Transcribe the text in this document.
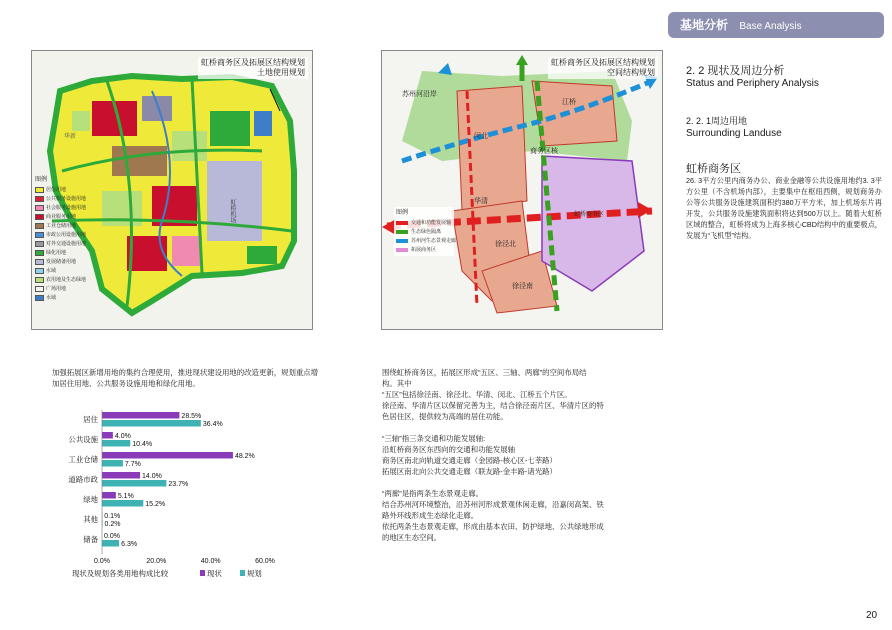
基地分析 Base Analysis
虹桥商务区及拓展区结构规划
土地使用规划
虹桥机场
华新
图例
居住用地
公共服务设施用地
社会服务设施用地
商业服务用地
工业仓储用地
市政公用设施用地
对外交通设施用地
绿化用地
发展储备用地
水域
农用地及生态绿地
广场用地
水域
虹桥商务区及拓展区结构规划
空间结构规划
苏州河沿岸
江桥
商务区核
虹桥商务区
华清
徐泾北
徐泾南
闵北
图例
交通和功能发展轴
生态绿色隔离
苏州河生态景观走廊
拓展商务区
2. 2 现状及周边分析
Status and Periphery Analysis
2. 2. 1周边用地
Surrounding Landuse
虹桥商务区
26. 3平方公里内商务办公、商业金融等公共设施用地约3. 3平方公里（不含机场内部），主要集中在枢纽西侧，规划商务办公等公共服务设施建筑面积约380万平方米，加上机场东片再开发，公共服务设施建筑面积将达到500万以上。随着大虹桥区域的整合，虹桥将成为上海多核心CBD结构中的重要极点，发展为“飞机型”结构。
加强拓展区新增用地的集约合理使用，推进现状建设用地的改造更新，规划重点增加居住用地、公共服务设施用地和绿化用地。

围绕虹桥商务区，拓展区形成“五区、三轴、两廊”的空间布局结

构。其中

“五区”包括徐泾南、徐泾北、华清、闵北、江桥五个片区。

徐泾南、华清片区以保留完善为主，结合徐泾南片区、华清片区的特

色居住区，提供较为高端的居住功能。

“三轴”指三条交通和功能发展轴:

沿虹桥商务区东西向的交通和功能发展轴

商务区南北向轨道交通走廊（金园路-核心区-七莘路）

拓展区南北向公共交通走廊（联友路-金丰路-诸光路）

“两廊”是指两条生态景观走廊。

结合苏州河环境整治，沿苏州河形成景观休闲走廊，沿嘉闵高架、铁

路外环线形成生态绿化走廊。

依托两条生态景观走廊，形成由基本农田、防护绿地、公共绿地形成

的地区生态空间。

居住	28.5%
36.4%
公共设施 4.0%
10.4%
工业仓储	48.2%
7.7%
道路市政	14.0%
23.7%
绿地	5.1%
15.2%
其他 0.1%
0.2%
储备 0.0%
6.3%
0.0%	20.0%	40.0%	60.0%
现状及规划各类用地构成比较	现状	规划
20
